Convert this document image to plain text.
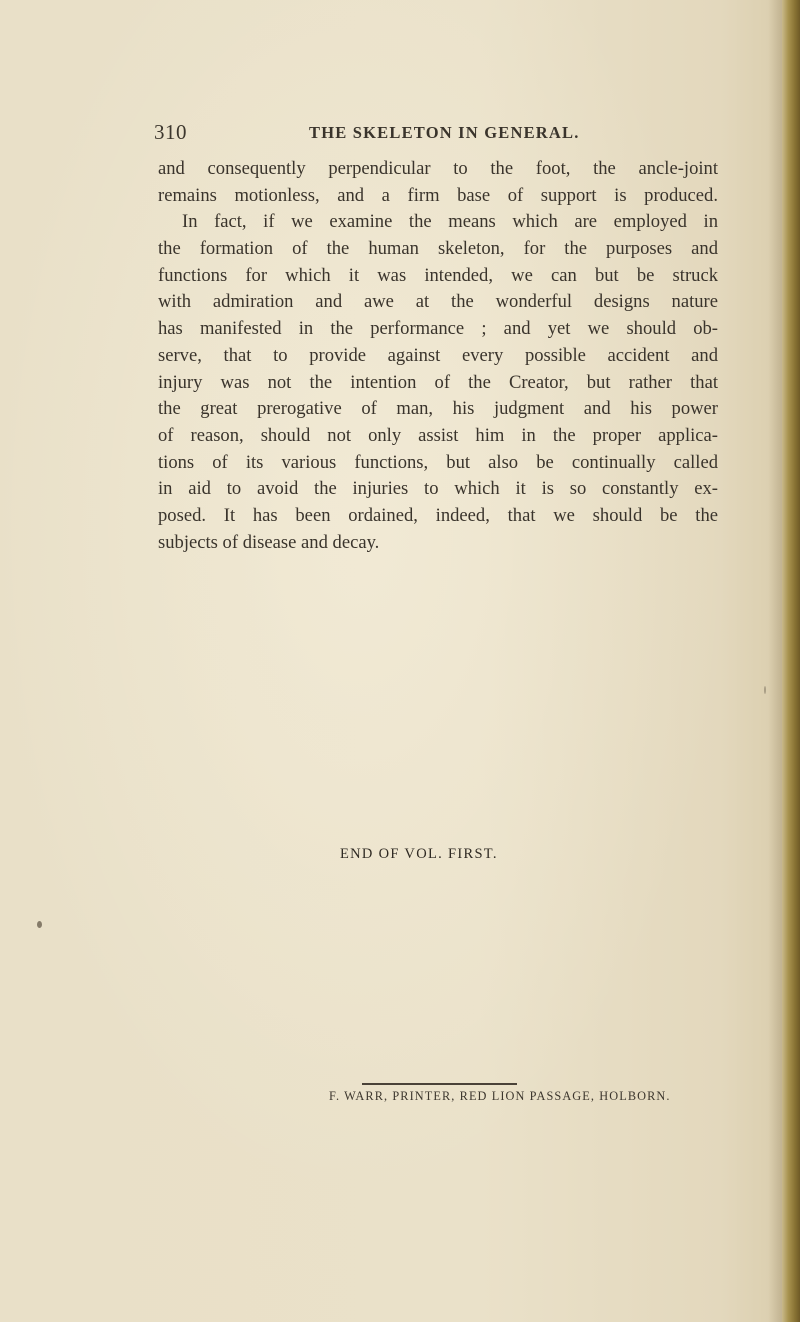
310	THE SKELETON IN GENERAL.
and consequently perpendicular to the foot, the ancle-joint
remains motionless, and a firm base of support is produced.
In fact, if we examine the means which are employed in
the formation of the human skeleton, for the purposes and
functions for which it was intended, we can but be struck
with admiration and awe at the wonderful designs nature
has manifested in the performance ; and yet we should ob-
serve, that to provide against every possible accident and
injury was not the intention of the Creator, but rather that
the great prerogative of man, his judgment and his power
of reason, should not only assist him in the proper applica-
tions of its various functions, but also be continually called
in aid to avoid the injuries to which it is so constantly ex-
posed. It has been ordained, indeed, that we should be the
subjects of disease and decay.
END OF VOL. FIRST.
F. WARR, PRINTER, RED LION PASSAGE, HOLBORN.
